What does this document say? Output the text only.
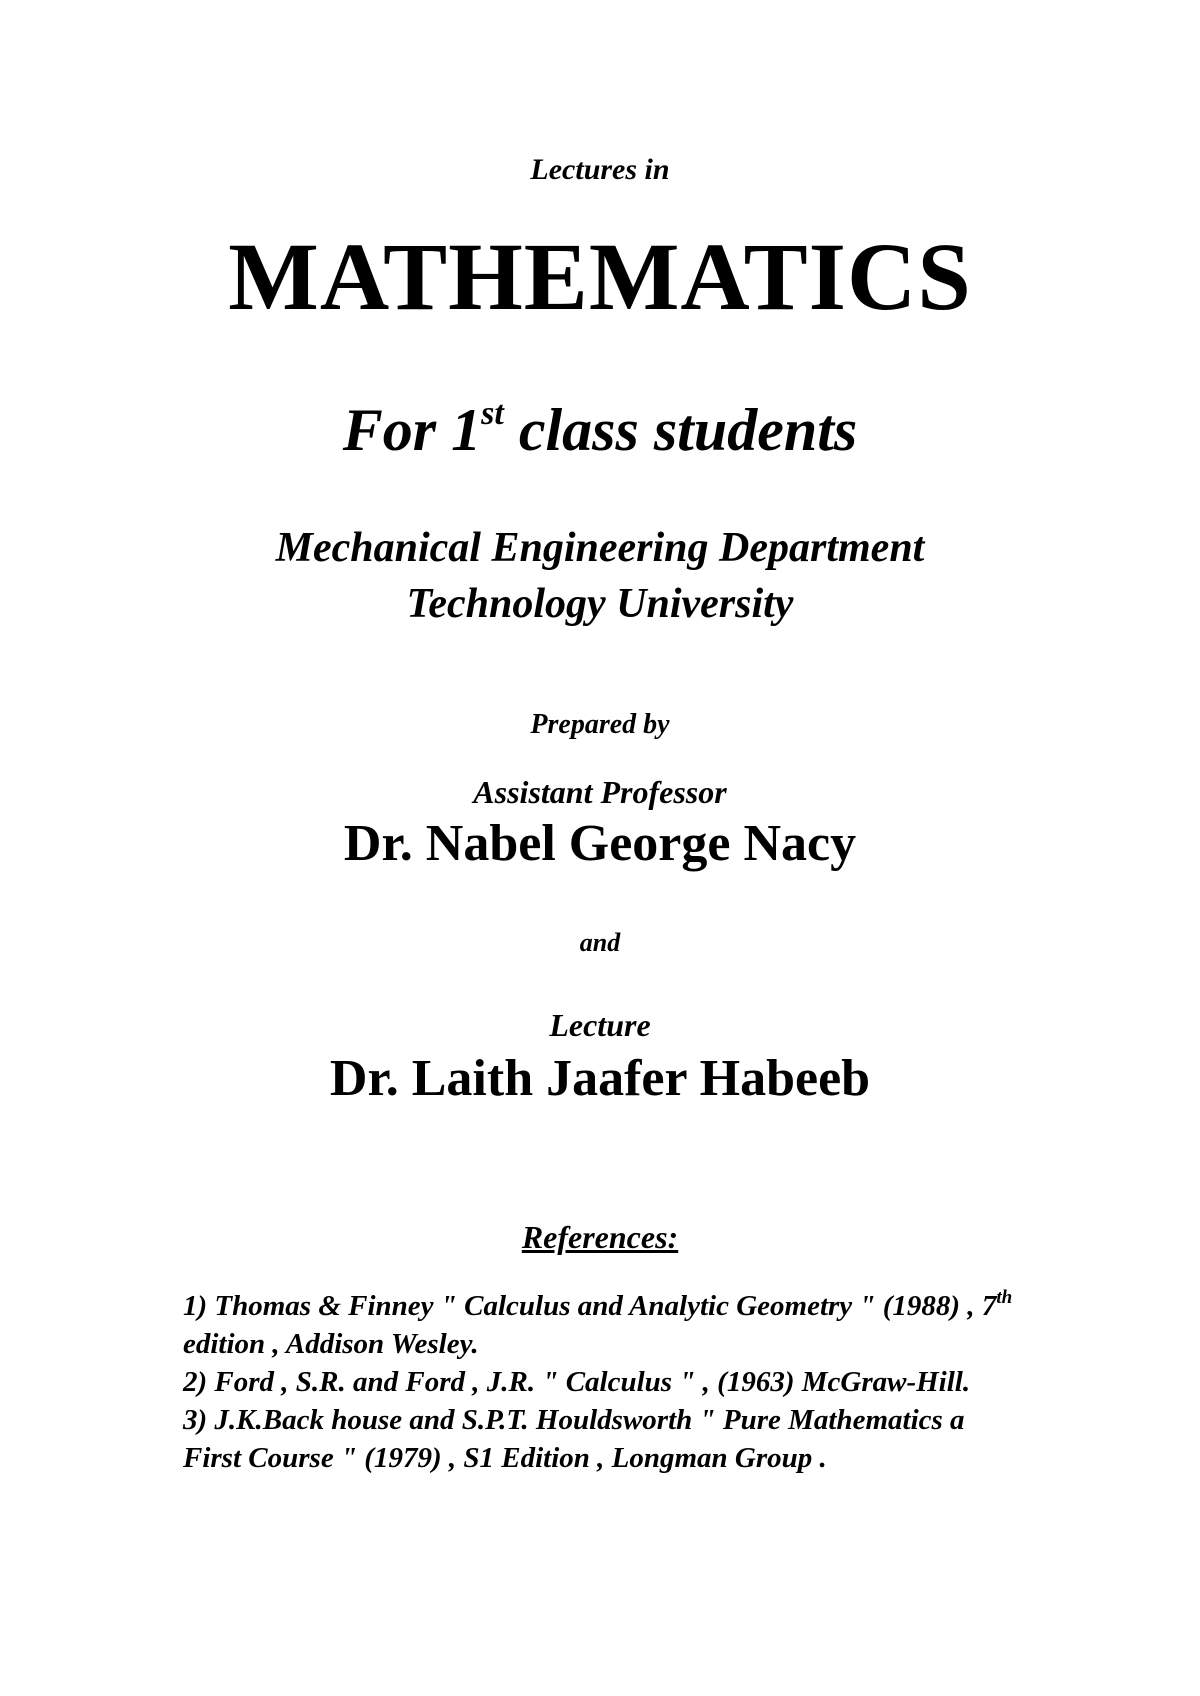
Lectures in
MATHEMATICS
For 1st class students
Mechanical Engineering Department
Technology University
Prepared by
Assistant Professor
Dr. Nabel George Nacy
and
Lecture
Dr. Laith Jaafer Habeeb
References:
1) Thomas & Finney " Calculus and Analytic Geometry " (1988) , 7th
edition , Addison Wesley.
2) Ford , S.R. and Ford , J.R. " Calculus " , (1963) McGraw-Hill.
3) J.K.Back house and S.P.T. Houldsworth " Pure Mathematics a
First Course " (1979) , S1 Edition , Longman Group .
